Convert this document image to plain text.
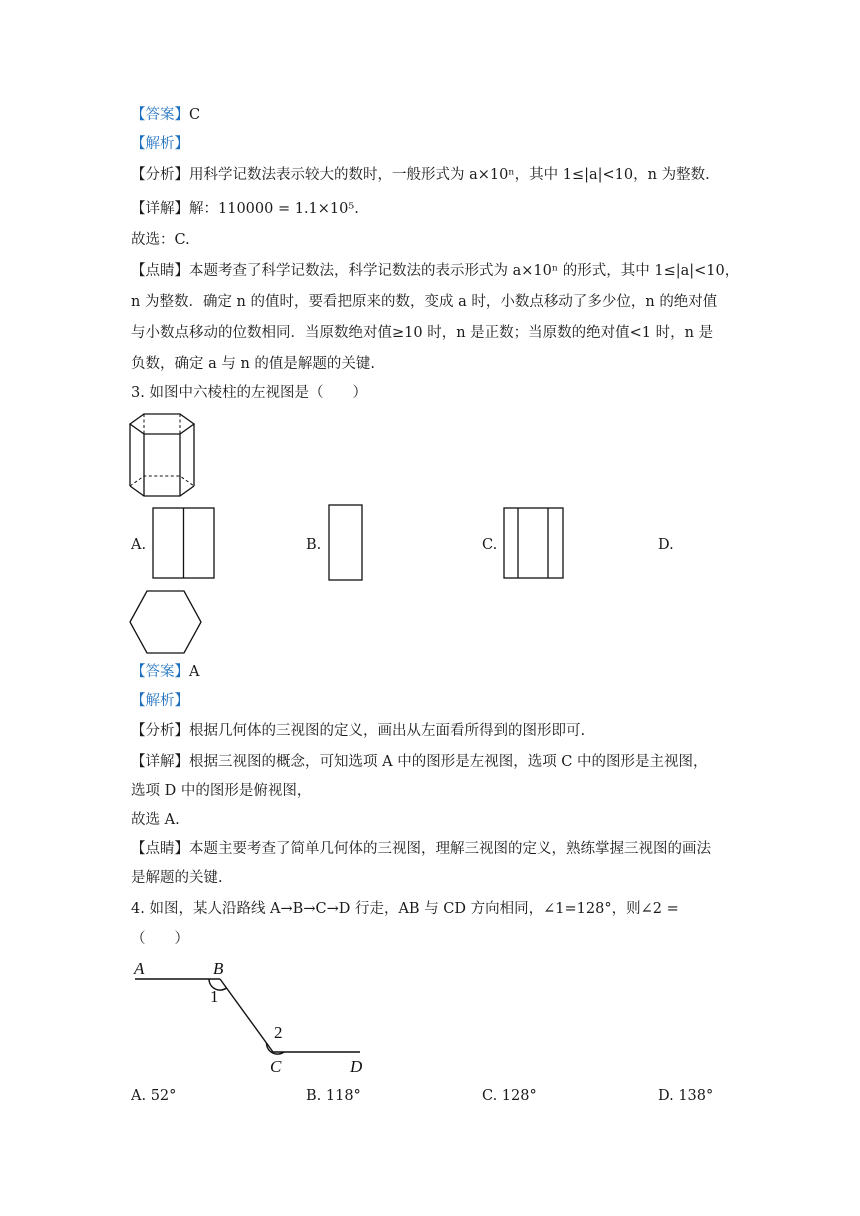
【答案】C
【解析】
【分析】用科学记数法表示较大的数时，一般形式为 a×10ⁿ，其中 1≤|a|<10，n 为整数.
【详解】解：110000 = 1.1×10⁵.
故选：C.
【点睛】本题考查了科学记数法，科学记数法的表示形式为 a×10ⁿ 的形式，其中 1≤|a|<10，
n 为整数．确定 n 的值时，要看把原来的数，变成 a 时，小数点移动了多少位，n 的绝对值
与小数点移动的位数相同．当原数绝对值≥10 时，n 是正数；当原数的绝对值<1 时，n 是
负数，确定 a 与 n 的值是解题的关键.
3. 如图中六棱柱的左视图是（　　）
A.	B.	C.	D.
【答案】A
【解析】
【分析】根据几何体的三视图的定义，画出从左面看所得到的图形即可.
【详解】根据三视图的概念，可知选项 A 中的图形是左视图，选项 C 中的图形是主视图，
选项 D 中的图形是俯视图，
故选 A.
【点睛】本题主要考查了简单几何体的三视图，理解三视图的定义，熟练掌握三视图的画法
是解题的关键.
4. 如图，某人沿路线 A→B→C→D 行走，AB 与 CD 方向相同，∠1=128°，则∠2 =
（　　）
A	B
1
2
C	D
A. 52°	B. 118°	C. 128°	D. 138°
